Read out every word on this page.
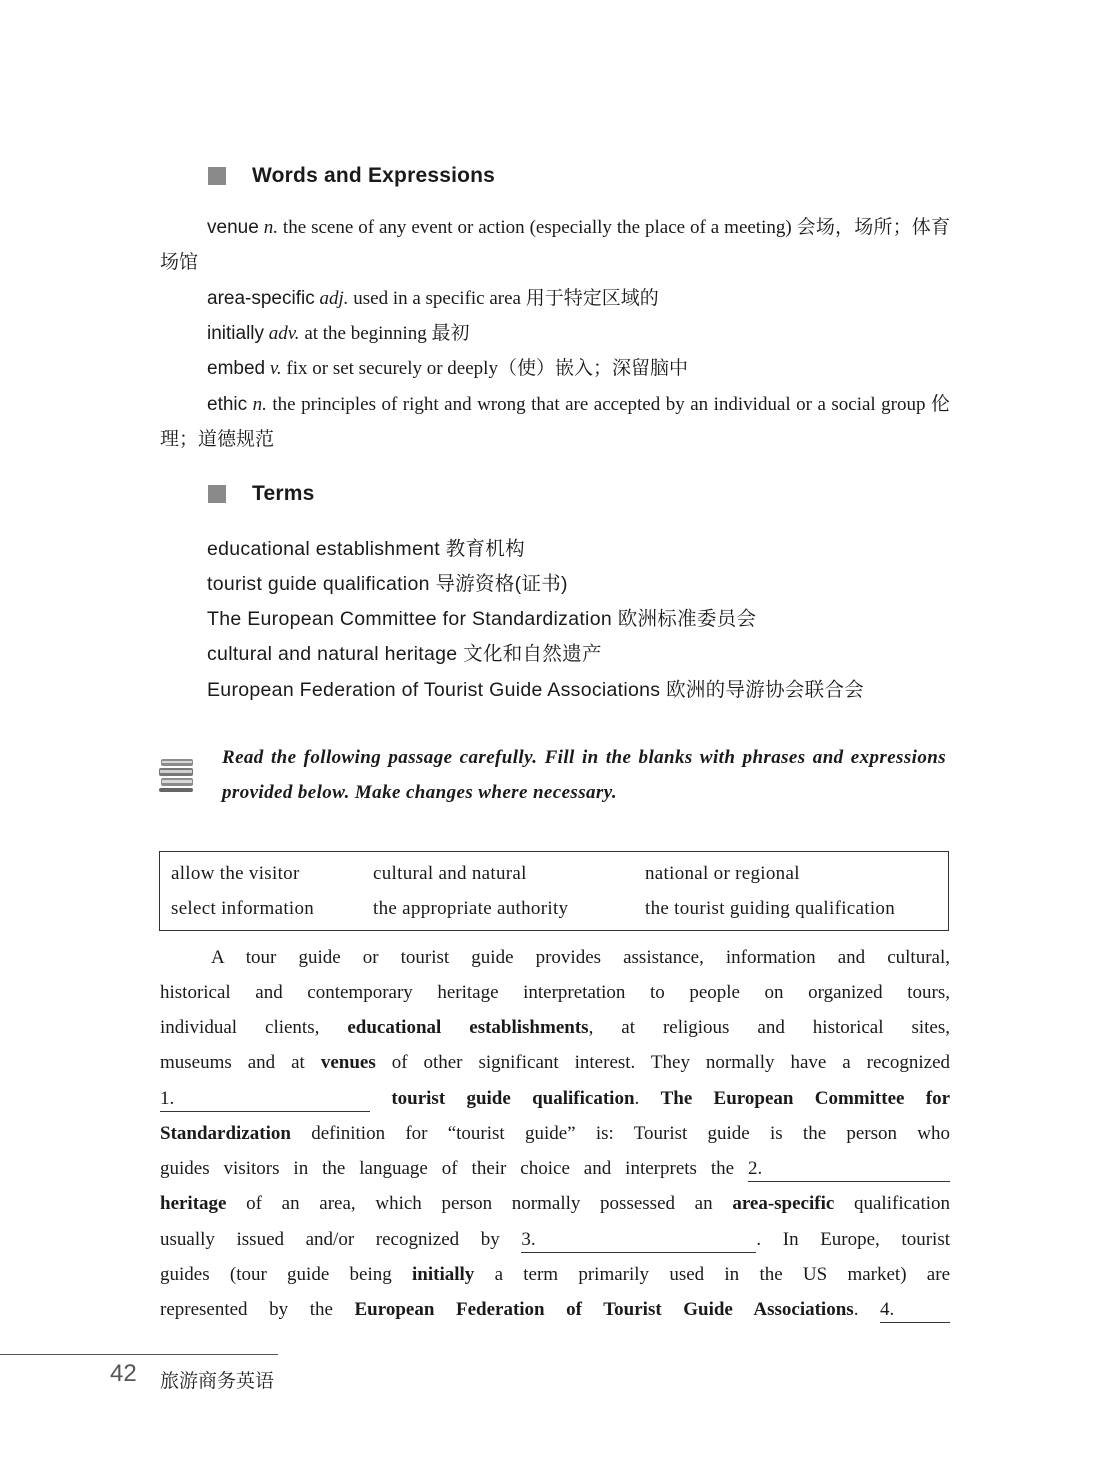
Words and Expressions
venue n. the scene of any event or action (especially the place of a meeting) 会场，场所；体育场馆
area-specific adj. used in a specific area 用于特定区域的
initially adv. at the beginning 最初
embed v. fix or set securely or deeply（使）嵌入；深留脑中
ethic n. the principles of right and wrong that are accepted by an individual or a social group 伦理；道德规范
Terms
educational establishment 教育机构
tourist guide qualification 导游资格(证书)
The European Committee for Standardization 欧洲标准委员会
cultural and natural heritage 文化和自然遗产
European Federation of Tourist Guide Associations 欧洲的导游协会联合会
Read the following passage carefully. Fill in the blanks with phrases and expressions provided below. Make changes where necessary.
allow the visitor	cultural and natural	national or regional
select information	the appropriate authority	the tourist guiding qualification
A tour guide or tourist guide provides assistance, information and cultural,
historical and contemporary heritage interpretation to people on organized tours,
individual clients, educational establishments, at religious and historical sites,
museums and at venues of other significant interest. They normally have a recognized
1.	tourist guide qualification. The European Committee for
Standardization definition for “tourist guide” is: Tourist guide is the person who
guides visitors in the language of their choice and interprets the 2.
heritage of an area, which person normally possessed an area-specific qualification
usually issued and/or recognized by 3.	. In Europe, tourist
guides (tour guide being initially a term primarily used in the US market) are
represented by the European Federation of Tourist Guide Associations. 4.
42 旅游商务英语
